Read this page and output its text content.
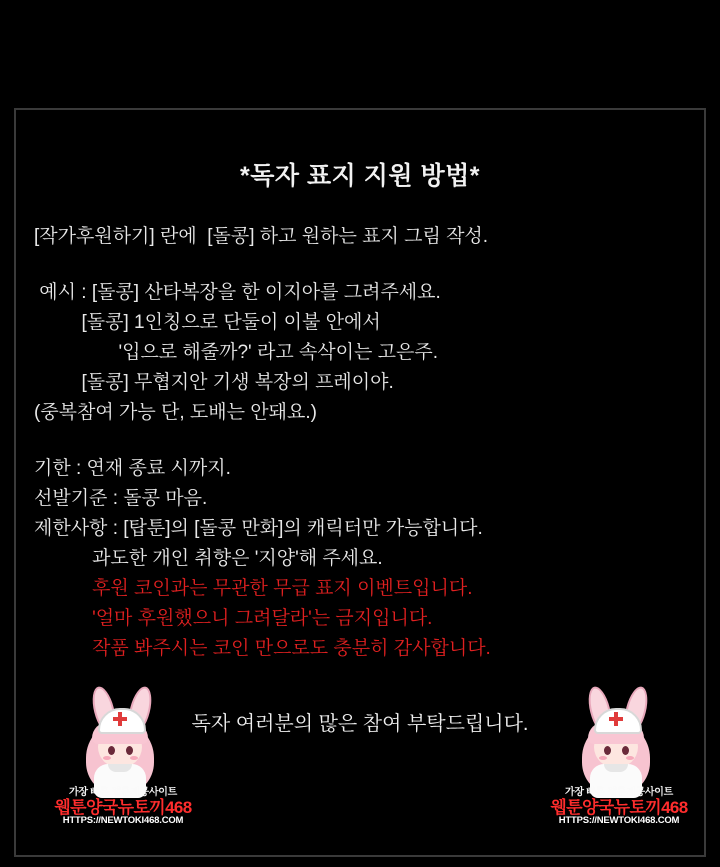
*독자 표지 지원 방법*
[작가후원하기] 란에  [돌콩] 하고 원하는 표지 그림 작성.
예시 : [돌콩] 산타복장을 한 이지아를 그려주세요.
[돌콩] 1인칭으로 단둘이 이불 안에서
'입으로 해줄까?' 라고 속삭이는 고은주.
[돌콩] 무협지안 기생 복장의 프레이야.
(중복참여 가능 단, 도배는 안돼요.)
기한 : 연재 종료 시까지.
선발기준 : 돌콩 마음.
제한사항 : [탑툰]의 [돌콩 만화]의 캐릭터만 가능합니다.
과도한 개인 취향은 '지양'해 주세요.
후원 코인과는 무관한 무급 표지 이벤트입니다.
'얼마 후원했으니 그려달라'는 금지입니다.
작품 봐주시는 코인 만으로도 충분히 감사합니다.
독자 여러분의 많은 참여 부탁드립니다.
가장 빠른 웹툰제공사이트
웹툰양국뉴토끼468
HTTPS://NEWTOKI468.COM
가장 빠른 웹툰제공사이트
웹툰양국뉴토끼468
HTTPS://NEWTOKI468.COM
